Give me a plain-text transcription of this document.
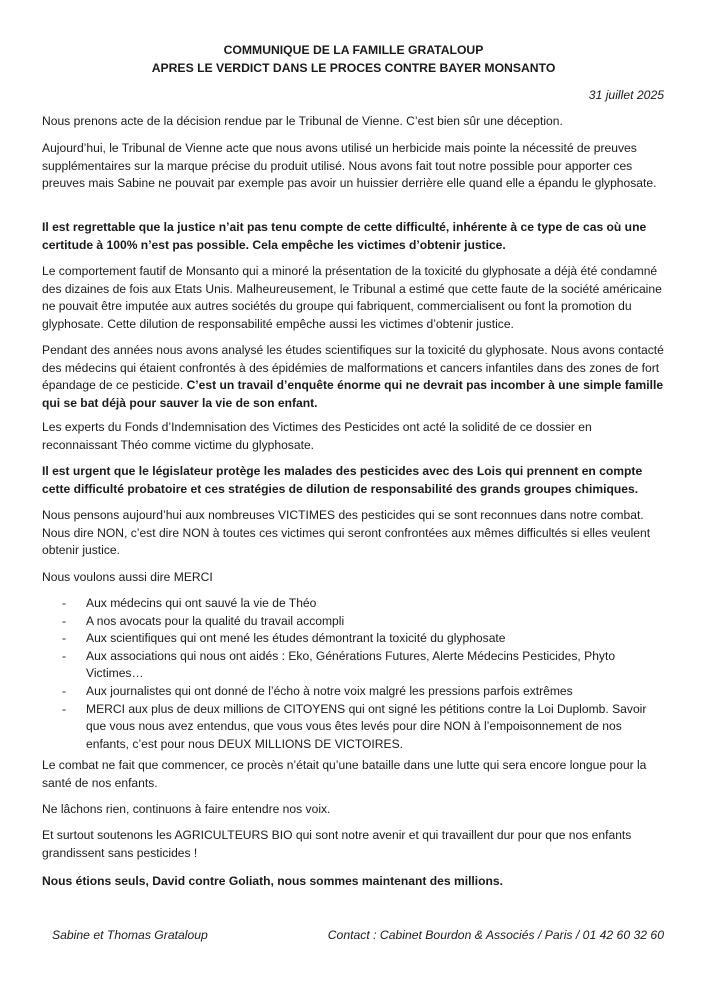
COMMUNIQUE DE LA FAMILLE GRATALOUP
APRES LE VERDICT DANS LE PROCES CONTRE BAYER MONSANTO
31 juillet 2025

Nous prenons acte de la décision rendue par le Tribunal de Vienne. C’est bien sûr une déception.

Aujourd’hui, le Tribunal de Vienne acte que nous avons utilisé un herbicide mais pointe la nécessité de preuves supplémentaires sur la marque précise du produit utilisé. Nous avons fait tout notre possible pour apporter ces preuves mais Sabine ne pouvait par exemple pas avoir un huissier derrière elle quand elle a épandu le glyphosate.

Il est regrettable que la justice n’ait pas tenu compte de cette difficulté, inhérente à ce type de cas où une certitude à 100% n’est pas possible. Cela empêche les victimes d’obtenir justice.

Le comportement fautif de Monsanto qui a minoré la présentation de la toxicité du glyphosate a déjà été condamné des dizaines de fois aux Etats Unis. Malheureusement, le Tribunal a estimé que cette faute de la société américaine ne pouvait être imputée aux autres sociétés du groupe qui fabriquent, commercialisent ou font la promotion du glyphosate. Cette dilution de responsabilité empêche aussi les victimes d’obtenir justice.

Pendant des années nous avons analysé les études scientifiques sur la toxicité du glyphosate. Nous avons contacté des médecins qui étaient confrontés à des épidémies de malformations et cancers infantiles dans des zones de fort épandage de ce pesticide. C’est un travail d’enquête énorme qui ne devrait pas incomber à une simple famille qui se bat déjà pour sauver la vie de son enfant.

Les experts du Fonds d’Indemnisation des Victimes des Pesticides ont acté la solidité de ce dossier en reconnaissant Théo comme victime du glyphosate.

Il est urgent que le législateur protège les malades des pesticides avec des Lois qui prennent en compte cette difficulté probatoire et ces stratégies de dilution de responsabilité des grands groupes chimiques.

Nous pensons aujourd’hui aux nombreuses VICTIMES des pesticides qui se sont reconnues dans notre combat. Nous dire NON, c’est dire NON à toutes ces victimes qui seront confrontées aux mêmes difficultés si elles veulent obtenir justice.

Nous voulons aussi dire MERCI

- Aux médecins qui ont sauvé la vie de Théo
- A nos avocats pour la qualité du travail accompli
- Aux scientifiques qui ont mené les études démontrant la toxicité du glyphosate
- Aux associations qui nous ont aidés : Eko, Générations Futures, Alerte Médecins Pesticides, Phyto Victimes…
- Aux journalistes qui ont donné de l’écho à notre voix malgré les pressions parfois extrêmes
- MERCI aux plus de deux millions de CITOYENS qui ont signé les pétitions contre la Loi Duplomb. Savoir que vous nous avez entendus, que vous vous êtes levés pour dire NON à l’empoisonnement de nos enfants, c’est pour nous DEUX MILLIONS DE VICTOIRES.

Le combat ne fait que commencer, ce procès n’était qu’une bataille dans une lutte qui sera encore longue pour la santé de nos enfants.

Ne lâchons rien, continuons à faire entendre nos voix.

Et surtout soutenons les AGRICULTEURS BIO qui sont notre avenir et qui travaillent dur pour que nos enfants grandissent sans pesticides !

Nous étions seuls, David contre Goliath, nous sommes maintenant des millions.

Sabine et Thomas Grataloup	Contact : Cabinet Bourdon & Associés / Paris / 01 42 60 32 60
